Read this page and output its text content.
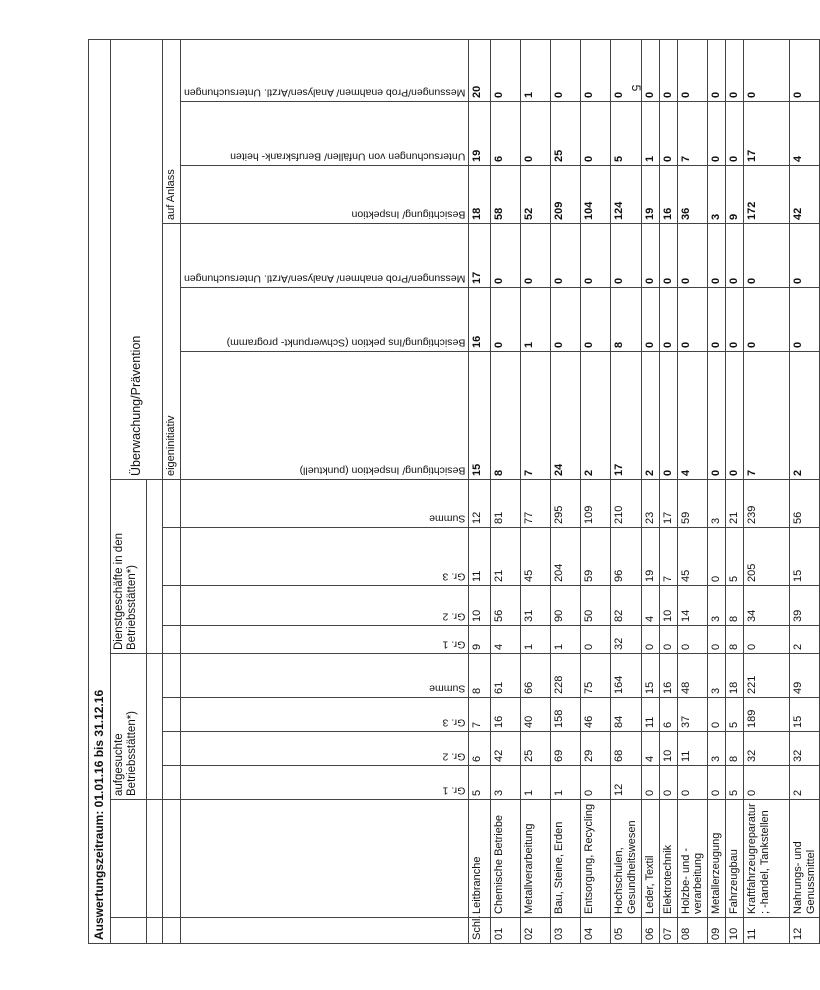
5
Auswertungszeitraum: 01.01.16 bis 31.12.16															
		aufgesuchte Betriebsstätten*)				Dienstgeschäfte in den Betriebsstätten*)				Überwachung/Prävention					

										eigeninitiativ			auf Anlass		
		Gr. 1	Gr. 2	Gr. 3	Summe	Gr. 1	Gr. 2	Gr. 3	Summe	Besichtigung/ Inspektion (punktuell)	Besichtigung/Ins pektion (Schwerpunkt- programm)	Messungen/Prob enahmen/ Analysen/Arztl. Untersuchungen	Besichtigung/ Inspektion	Untersuchungen von Unfällen/ Berufskrank- heiten	Messungen/Prob enahmen/ Analysen/Arztl. Untersuchungen
Schl.	Leitbranche	5	6	7	8	9	10	11	12	15	16	17	18	19	20
01	Chemische Betriebe	3	42	16	61	4	56	21	81	8	0	0	58	6	0
02	Metallverarbeitung	1	25	40	66	1	31	45	77	7	1	0	52	0	1
03	Bau, Steine, Erden	1	69	158	228	1	90	204	295	24	0	0	209	25	0
04	Entsorgung, Recycling	0	29	46	75	0	50	59	109	2	0	0	104	0	0
05	Hochschulen, Gesundheitswesen	12	68	84	164	32	82	96	210	17	8	0	124	5	0
06	Leder, Textil	0	4	11	15	0	4	19	23	2	0	0	19	1	0
07	Elektrotechnik	0	10	6	16	0	10	7	17	0	0	0	16	0	0
08	Holzbe- und -verarbeitung	0	11	37	48	0	14	45	59	4	0	0	36	7	0
09	Metallerzeugung	0	3	0	3	0	3	0	3	0	0	0	3	0	0
10	Fahrzeugbau	5	8	5	18	8	8	5	21	0	0	0	9	0	0
11	Kraftfahrzeugreparatur ; -handel, Tankstellen	0	32	189	221	0	34	205	239	7	0	0	172	17	0
12	Nahrungs- und Genussmittel	2	32	15	49	2	39	15	56	2	0	0	42	4	0
